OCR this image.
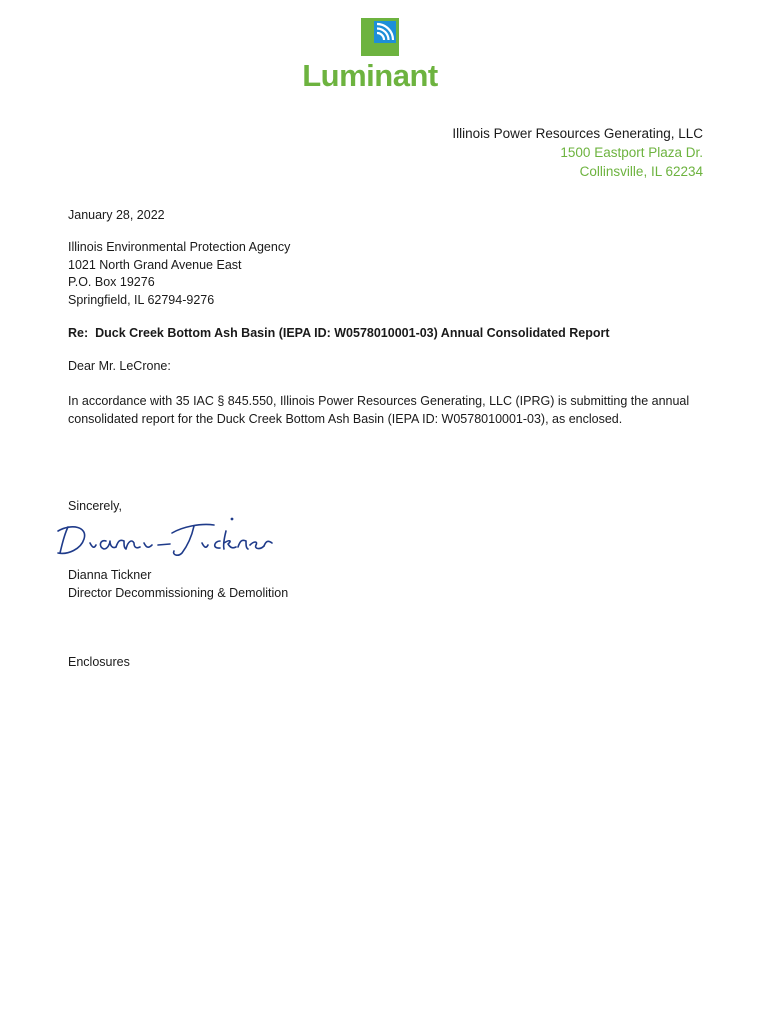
Luminant
Illinois Power Resources Generating, LLC
1500 Eastport Plaza Dr.
Collinsville, IL 62234
January 28, 2022
Illinois Environmental Protection Agency
1021 North Grand Avenue East
P.O. Box 19276
Springfield, IL 62794-9276
Re:  Duck Creek Bottom Ash Basin (IEPA ID: W0578010001-03) Annual Consolidated Report
Dear Mr. LeCrone:
In accordance with 35 IAC § 845.550, Illinois Power Resources Generating, LLC (IPRG) is submitting the annual
consolidated report for the Duck Creek Bottom Ash Basin (IEPA ID: W0578010001-03), as enclosed.
Sincerely,
Dianna Tickner
Director Decommissioning & Demolition
Enclosures
